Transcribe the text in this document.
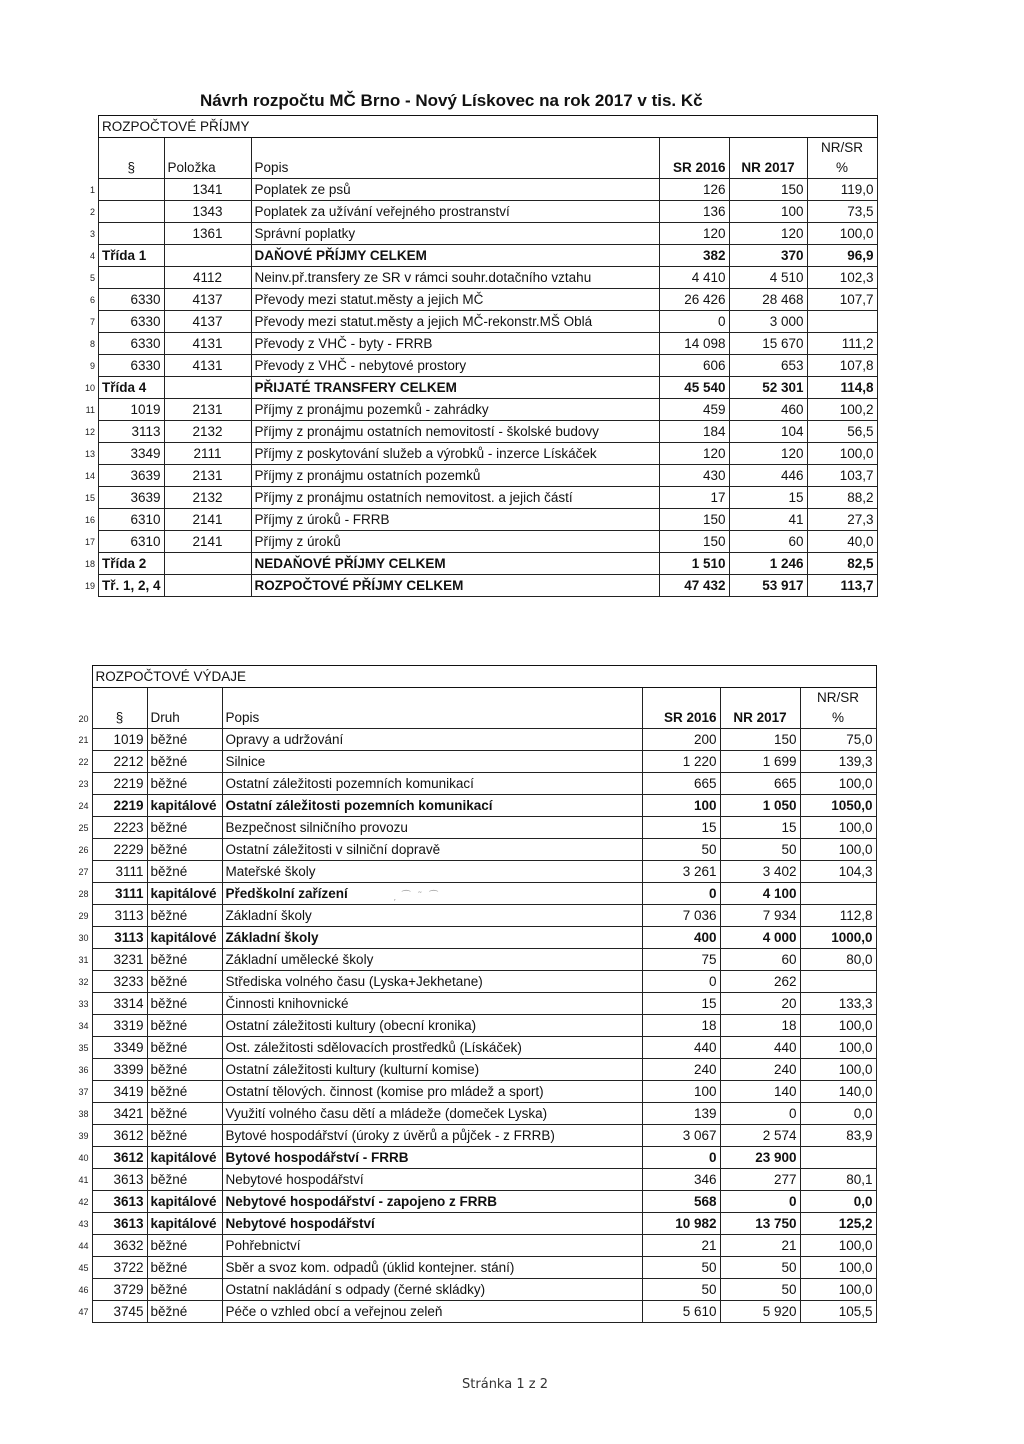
Návrh rozpočtu MČ Brno - Nový Lískovec na rok 2017 v tis. Kč
	ROZPOČTOVÉ PŘÍJMY					
	§	Položka	Popis	SR 2016	NR 2017	NR/SR
%

1		1341	Poplatek ze psů	126	150	119,0
2		1343	Poplatek za užívání veřejného prostranství	136	100	73,5
3		1361	Správní poplatky	120	120	100,0
4	Třída 1		DAŇOVÉ PŘÍJMY CELKEM	382	370	96,9
5		4112	Neinv.př.transfery ze SR v rámci souhr.dotačního vztahu	4 410	4 510	102,3
6	6330	4137	Převody mezi statut.městy a jejich MČ	26 426	28 468	107,7
7	6330	4137	Převody mezi statut.městy a jejich MČ-rekonstr.MŠ Oblá	0	3 000	
8	6330	4131	Převody z VHČ - byty - FRRB	14 098	15 670	111,2
9	6330	4131	Převody z VHČ - nebytové prostory	606	653	107,8
10	Třída 4		PŘIJATÉ TRANSFERY CELKEM	45 540	52 301	114,8
11	1019	2131	Příjmy z pronájmu pozemků - zahrádky	459	460	100,2
12	3113	2132	Příjmy z pronájmu ostatních nemovitostí - školské budovy	184	104	56,5
13	3349	2111	Příjmy z poskytování služeb a výrobků - inzerce Lískáček	120	120	100,0
14	3639	2131	Příjmy z pronájmu ostatních pozemků	430	446	103,7
15	3639	2132	Příjmy z pronájmu ostatních nemovitost. a jejich částí	17	15	88,2
16	6310	2141	Příjmy z úroků - FRRB	150	41	27,3
17	6310	2141	Příjmy z úroků	150	60	40,0
18	Třída 2		NEDAŇOVÉ PŘÍJMY CELKEM	1 510	1 246	82,5
19	Tř. 1, 2, 4		ROZPOČTOVÉ PŘÍJMY CELKEM	47 432	53 917	113,7
	ROZPOČTOVÉ VÝDAJE					
20	§	Druh	Popis	SR 2016	NR 2017	NR/SR
%

21	1019	běžné	Opravy a udržování	200	150	75,0
22	2212	běžné	Silnice	1 220	1 699	139,3
23	2219	běžné	Ostatní záležitosti pozemních komunikací	665	665	100,0
24	2219	kapitálové	Ostatní záležitosti pozemních komunikací	100	1 050	1050,0
25	2223	běžné	Bezpečnost silničního provozu	15	15	100,0
26	2229	běžné	Ostatní záležitosti v silniční dopravě	50	50	100,0
27	3111	běžné	Mateřské školy	3 261	3 402	104,3
28	3111	kapitálové	Předškolní zařízení	0	4 100	
29	3113	běžné	Základní školy	7 036	7 934	112,8
30	3113	kapitálové	Základní školy	400	4 000	1000,0
31	3231	běžné	Základní umělecké školy	75	60	80,0
32	3233	běžné	Střediska volného času (Lyska+Jekhetane)	0	262	
33	3314	běžné	Činnosti knihovnické	15	20	133,3
34	3319	běžné	Ostatní záležitosti kultury (obecní kronika)	18	18	100,0
35	3349	běžné	Ost. záležitosti sdělovacích prostředků (Lískáček)	440	440	100,0
36	3399	běžné	Ostatní záležitosti kultury (kulturní komise)	240	240	100,0
37	3419	běžné	Ostatní tělových. činnost (komise pro mládež a sport)	100	140	140,0
38	3421	běžné	Využití volného času dětí a mládeže (domeček Lyska)	139	0	0,0
39	3612	běžné	Bytové hospodářství (úroky z úvěrů a půjček - z FRRB)	3 067	2 574	83,9
40	3612	kapitálové	Bytové hospodářství - FRRB	0	23 900	
41	3613	běžné	Nebytové hospodářství	346	277	80,1
42	3613	kapitálové	Nebytové hospodářství - zapojeno z FRRB	568	0	0,0
43	3613	kapitálové	Nebytové hospodářství	10 982	13 750	125,2
44	3632	běžné	Pohřebnictví	21	21	100,0
45	3722	běžné	Sběr a svoz kom. odpadů (úklid kontejner. stání)	50	50	100,0
46	3729	běžné	Ostatní nakládání s odpady (černé skládky)	50	50	100,0
47	3745	běžné	Péče o vzhled obcí a veřejnou zeleň	5 610	5 920	105,5
᷊ ⁀ ˜ ⁀
Stránka 1 z 2
